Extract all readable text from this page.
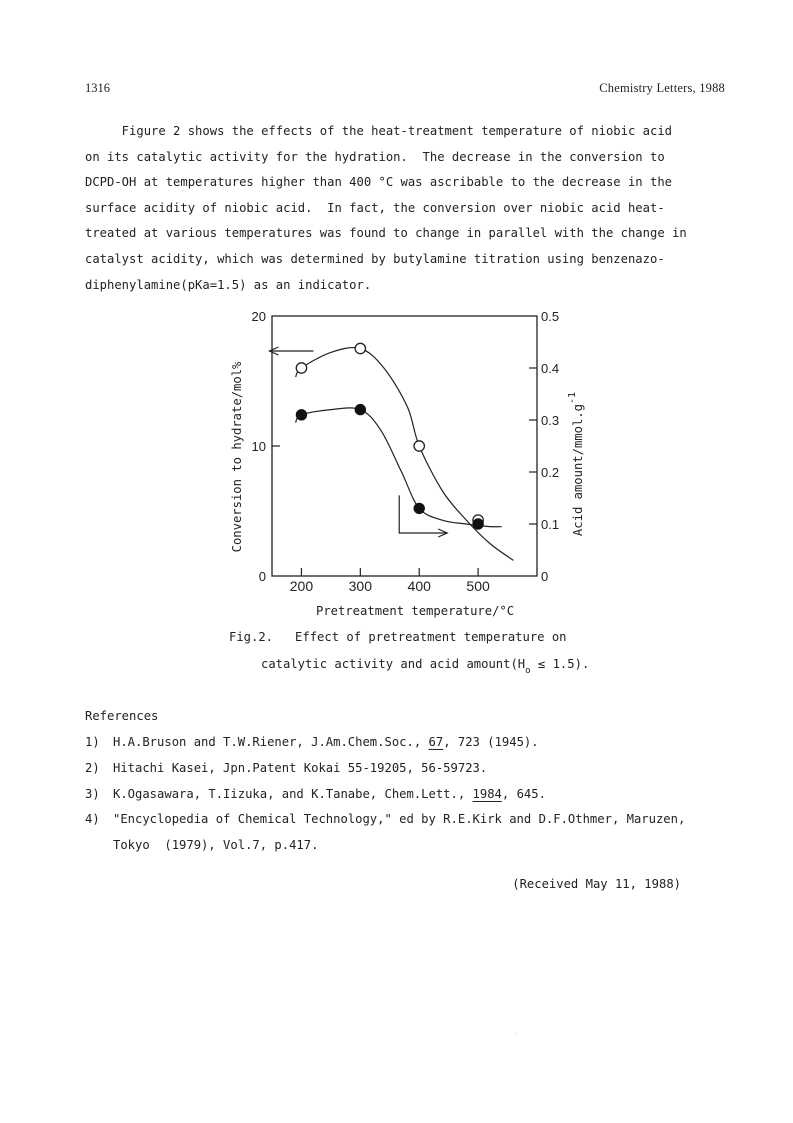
1316	Chemistry Letters, 1988
Figure 2 shows the effects of the heat-treatment temperature of niobic acid
on its catalytic activity for the hydration.  The decrease in the conversion to
DCPD-OH at temperatures higher than 400 °C was ascribable to the decrease in the
surface acidity of niobic acid.  In fact, the conversion over niobic acid heat-
treated at various temperatures was found to change in parallel with the change in
catalyst acidity, which was determined by butylamine titration using benzenazo-
diphenylamine(pKa=1.5) as an indicator.
200	300	400	500
0
10
20
0
0.1
0.2
0.3
0.4
0.5
Conversion to hydrate/mol%	Acid amount/$mmol.g^{-1}$
Pretreatment temperature/°C
Fig.2.   Effect of pretreatment temperature on
catalytic activity and acid $amount(H_o \le 1.5)$.
References
1) H.A.Bruson and T.W.Riener, J.Am.Chem.Soc., 67, 723 (1945).
2) Hitachi Kasei, Jpn.Patent Kokai 55-19205, 56-59723.
3) K.Ogasawara, T.Iizuka, and K.Tanabe, Chem.Lett., 1984, 645.
4) "Encyclopedia of Chemical Technology," ed by R.E.Kirk and D.F.Othmer, Maruzen,
Tokyo  (1979), Vol.7, p.417.
(Received May 11, 1988)
